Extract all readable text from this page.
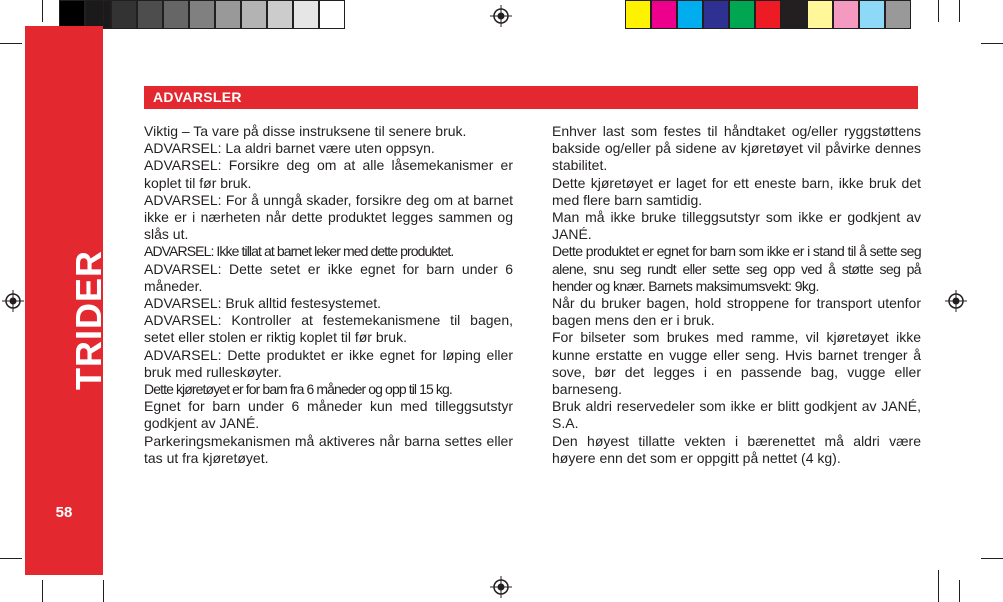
TRIDER
58
ADVARSLER

Viktig – Ta vare på disse instruksene til senere bruk.

ADVARSEL: La aldri barnet være uten oppsyn.

ADVARSEL: Forsikre deg om at alle låsemekanismer er koplet til før bruk.

ADVARSEL: For å unngå skader, forsikre deg om at barnet ikke er i nærheten når dette produktet legges sammen og slås ut.

ADVARSEL: Ikke tillat at barnet leker med dette produktet.

ADVARSEL: Dette setet er ikke egnet for barn under 6 måneder.

ADVARSEL: Bruk alltid festesystemet.

ADVARSEL: Kontroller at festemekanismene til bagen, setet eller stolen er riktig koplet til før bruk.

ADVARSEL: Dette produktet er ikke egnet for løping eller bruk med rulleskøyter.

Dette kjøretøyet er for barn fra 6 måneder og opp til 15 kg.

Egnet for barn under 6 måneder kun med tilleggsutstyr godkjent av JANÉ.

Parkeringsmekanismen må aktiveres når barna settes eller tas ut fra kjøretøyet.

Enhver last som festes til håndtaket og/eller ryggstøttens bakside og/eller på sidene av kjøretøyet vil påvirke dennes stabilitet.

Dette kjøretøyet er laget for ett eneste barn, ikke bruk det med flere barn samtidig.

Man må ikke bruke tilleggsutstyr som ikke er godkjent av JANÉ.

Dette produktet er egnet for barn som ikke er i stand til å sette seg alene, snu seg rundt eller sette seg opp ved å støtte seg på hender og knær. Barnets maksimumsvekt: 9kg.

Når du bruker bagen, hold stroppene for transport utenfor bagen mens den er i bruk.

For bilseter som brukes med ramme, vil kjøretøyet ikke kunne erstatte en vugge eller seng. Hvis barnet trenger å sove, bør det legges i en passende bag, vugge eller barneseng.

Bruk aldri reservedeler som ikke er blitt godkjent av JANÉ, S.A.

Den høyest tillatte vekten i bærenettet må aldri være høyere enn det som er oppgitt på nettet (4 kg).
